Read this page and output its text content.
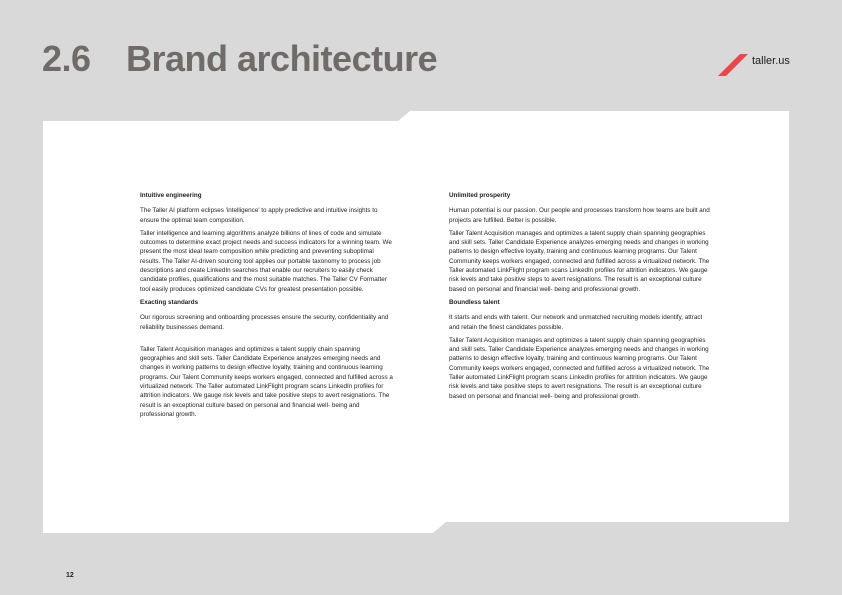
2.6 Brand architecture	taller.us
Intuitive engineering

The Taller AI platform eclipses 'intelligence' to apply predictive and intuitive insights to ensure the optimal team composition.

Taller intelligence and learning algorithms analyze billions of lines of code and simulate outcomes to determine exact project needs and success indicators for a winning team. We present the most ideal team composition while predicting and preventing suboptimal results. The Taller AI-driven sourcing tool applies our portable taxonomy to process job descriptions and create LinkedIn searches that enable our recruiters to easily check candidate profiles, qualifications and the most suitable matches. The Taller CV Formatter tool easily produces optimized candidate CVs for greatest presentation possible.

Exacting standards

Our rigorous screening and onboarding processes ensure the security, confidentiality and reliability businesses demand.

Taller Talent Acquisition manages and optimizes a talent supply chain spanning geographies and skill sets. Taller Candidate Experience analyzes emerging needs and changes in working patterns to design effective loyalty, training and continuous learning programs. Our Talent Community keeps workers engaged, connected and fulfilled across a virtualized network. The Taller automated LinkFlight program scans LinkedIn profiles for attrition indicators. We gauge risk levels and take positive steps to avert resignations. The result is an exceptional culture based on personal and financial well- being and professional growth.

Unlimited prosperity

Human potential is our passion. Our people and processes transform how teams are built and projects are fulfilled. Better is possible.

Taller Talent Acquisition manages and optimizes a talent supply chain spanning geographies and skill sets. Taller Candidate Experience analyzes emerging needs and changes in working patterns to design effective loyalty, training and continuous learning programs. Our Talent Community keeps workers engaged, connected and fulfilled across a virtualized network. The Taller automated LinkFlight program scans LinkedIn profiles for attrition indicators. We gauge risk levels and take positive steps to avert resignations. The result is an exceptional culture based on personal and financial well- being and professional growth.

Boundless talent

It starts and ends with talent. Our network and unmatched recruiting models identify, attract and retain the finest candidates possible.

Taller Talent Acquisition manages and optimizes a talent supply chain spanning geographies and skill sets. Taller Candidate Experience analyzes emerging needs and changes in working patterns to design effective loyalty, training and continuous learning programs. Our Talent Community keeps workers engaged, connected and fulfilled across a virtualized network. The Taller automated LinkFlight program scans LinkedIn profiles for attrition indicators. We gauge risk levels and take positive steps to avert resignations. The result is an exceptional culture based on personal and financial well- being and professional growth.

12
